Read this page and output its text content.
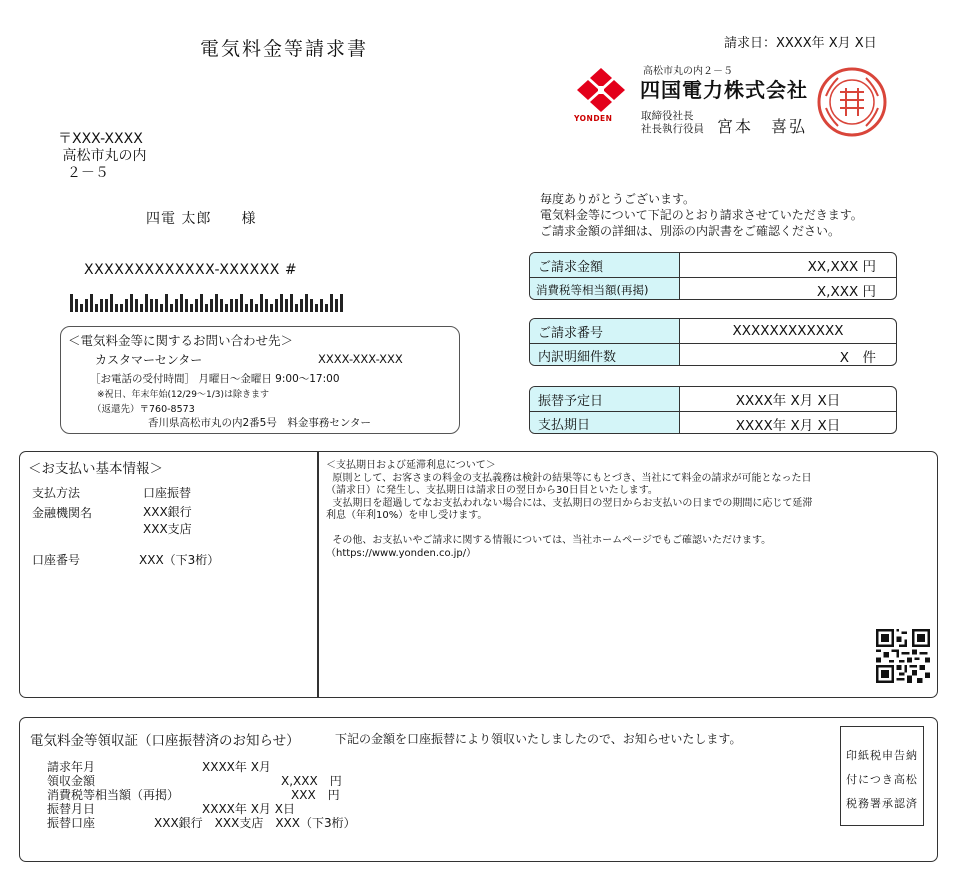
電気料金等請求書	請求日：XXXX年 X月 X日
YONDEN
高松市丸の内２－５
四国電力株式会社
取締役社長
社長執行役員 宮本　喜弘
〒XXX-XXXX
高松市丸の内
２－５
四電 太郎　　様
XXXXXXXXXXXXX-XXXXXX #
毎度ありがとうございます。
電気料金等について下記のとおり請求させていただきます。
ご請求金額の詳細は、別添の内訳書をご確認ください。
＜電気料金等に関するお問い合わせ先＞
カスタマーセンター	XXXX-XXX-XXX
［お電話の受付時間］ 月曜日～金曜日 9:00～17:00
※祝日、年末年始(12/29～1/3)は除きます
（返還先）〒760-8573
香川県高松市丸の内2番5号　料金事務センター
ご請求金額	XX,XXX 円
消費税等相当額(再掲)	X,XXX 円
ご請求番号	XXXXXXXXXXXX
内訳明細件数	X　件
振替予定日	XXXX年 X月 X日
支払期日	XXXX年 X月 X日
＜お支払い基本情報＞
支払方法	口座振替
金融機関名	XXX銀行
XXX支店
口座番号	XXX（下3桁）
＜支払期日および延滞利息について＞
原則として、お客さまの料金の支払義務は検針の結果等にもとづき、当社にて料金の請求が可能となった日
（請求日）に発生し、支払期日は請求日の翌日から30日目といたします。
支払期日を超過してなお支払われない場合には、支払期日の翌日からお支払いの日までの期間に応じて延滞
利息（年利10%）を申し受けます。

その他、お支払いやご請求に関する情報については、当社ホームページでもご確認いただけます。
（https://www.yonden.co.jp/）
電気料金等領収証（口座振替済のお知らせ）	下記の金額を口座振替により領収いたしましたので、お知らせいたします。
請求年月	XXXX年 X月
領収金額	X,XXX　円
消費税等相当額（再掲）	XXX　円
振替月日	XXXX年 X月 X日
振替口座	XXX銀行　XXX支店　XXX（下3桁）
印紙税申告納
付につき高松
税務署承認済
